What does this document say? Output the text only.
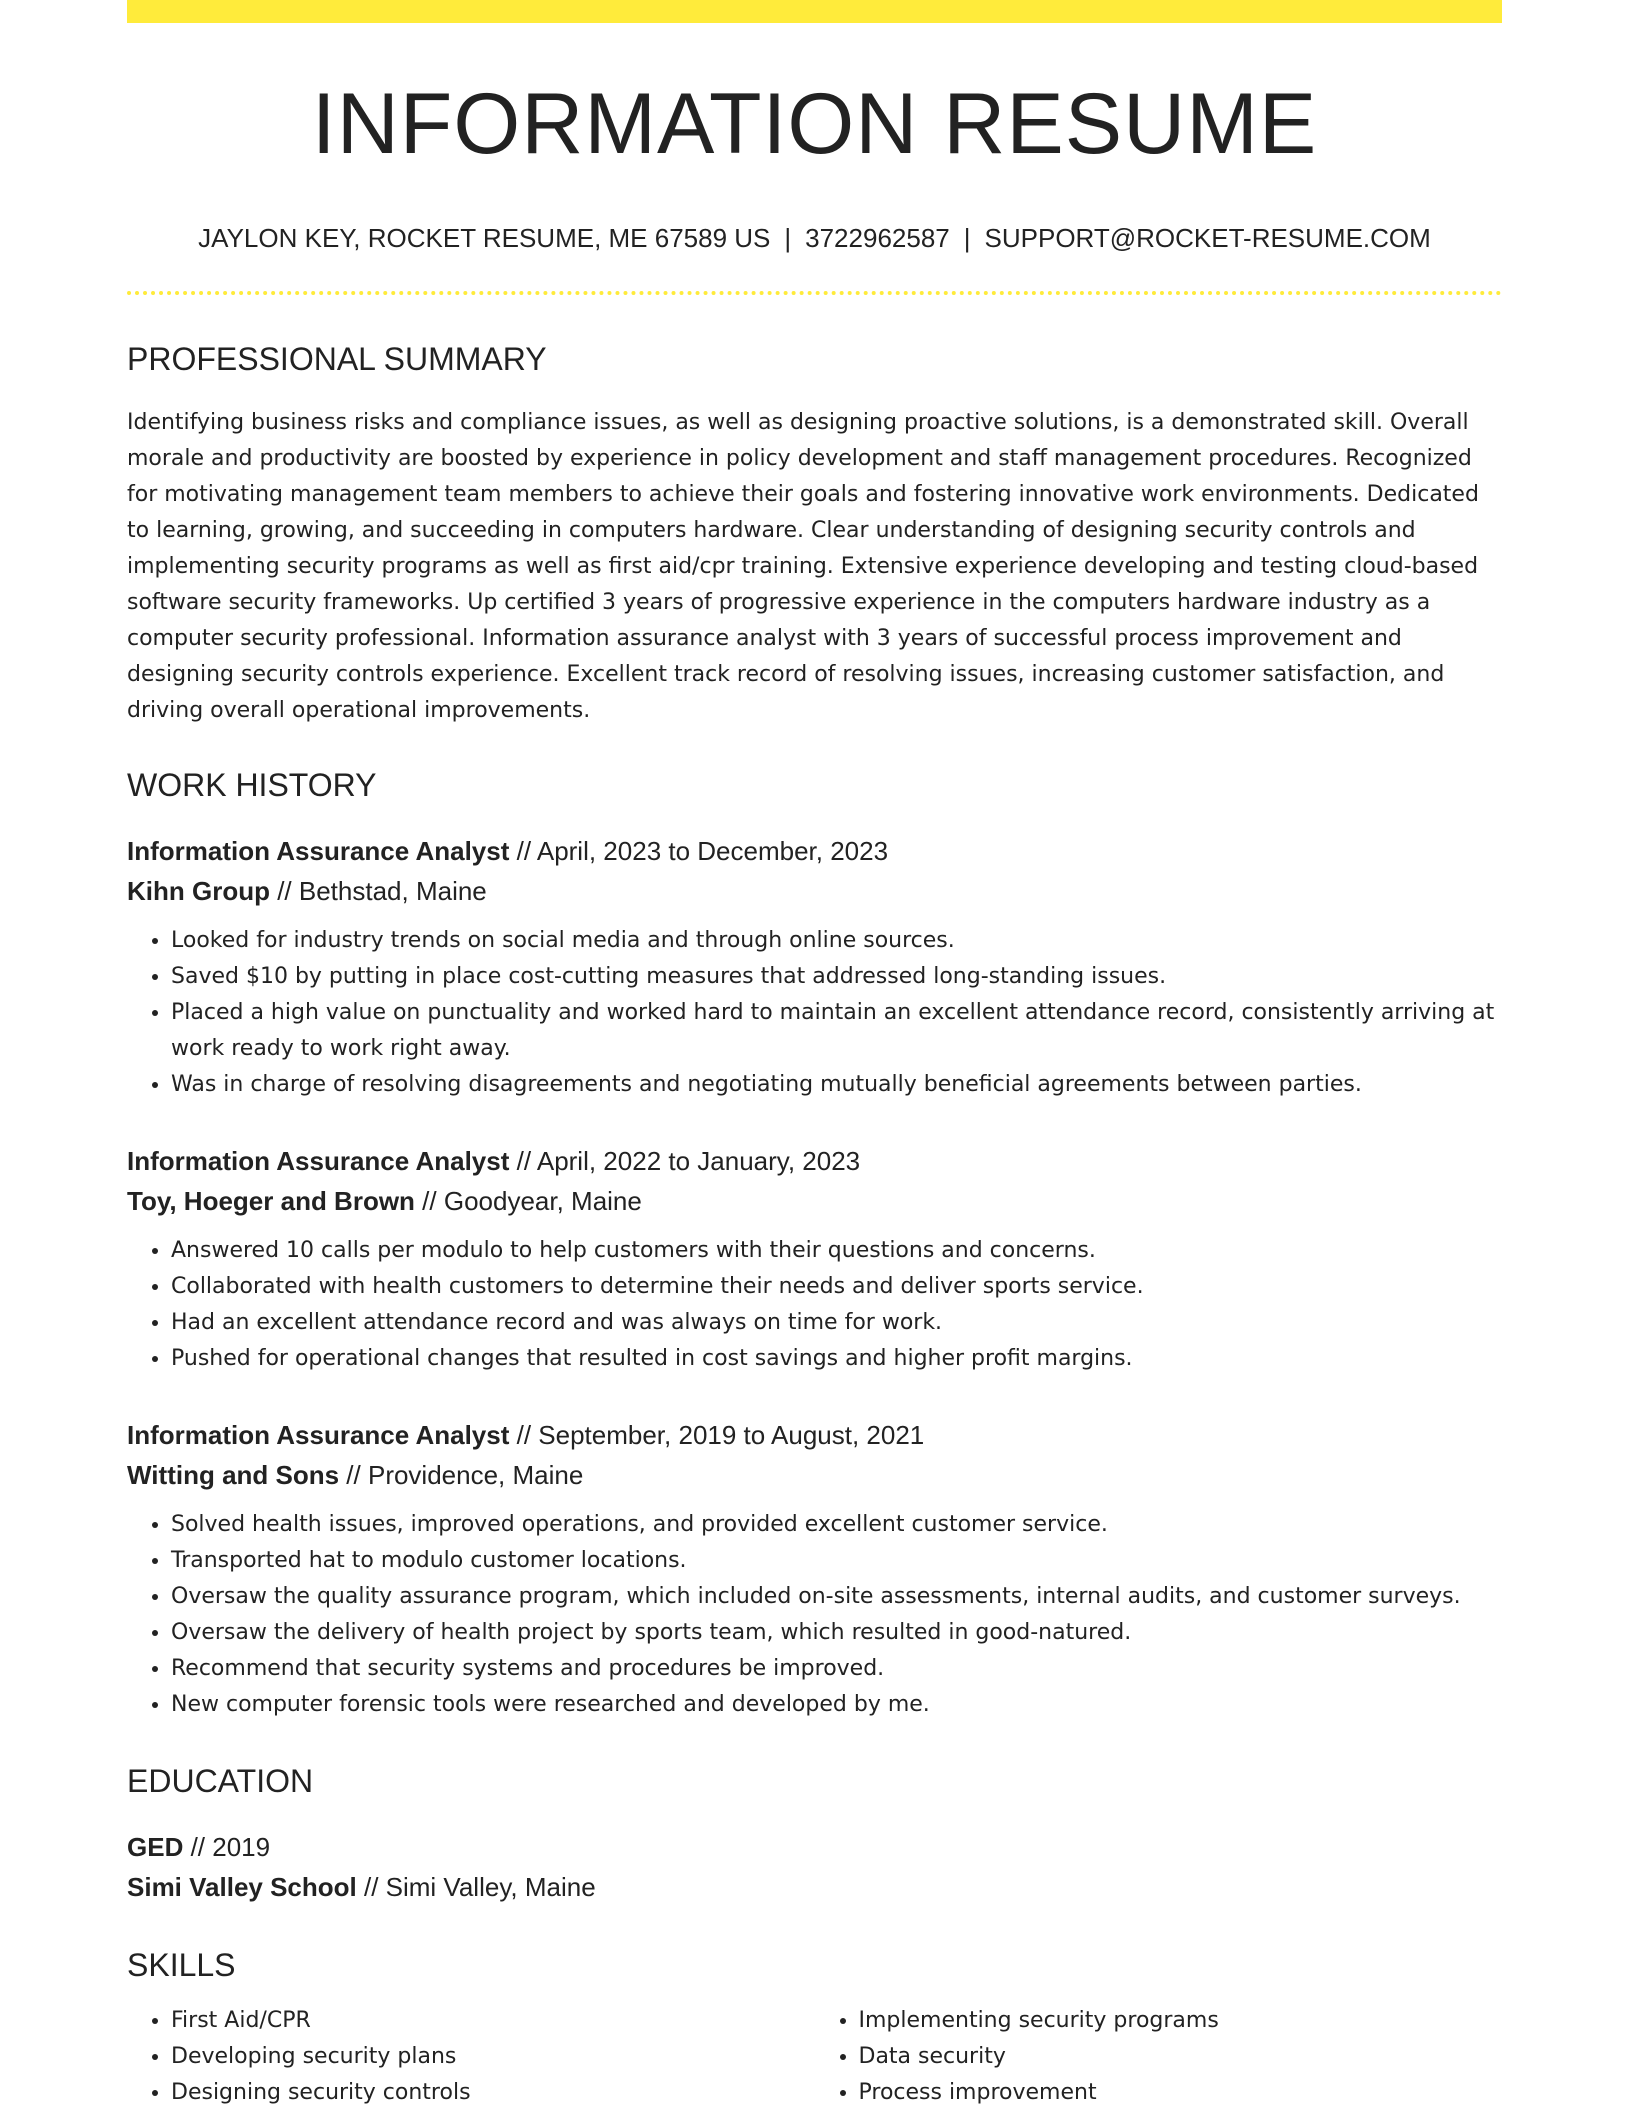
INFORMATION RESUME
JAYLON KEY, ROCKET RESUME, ME 67589 US | 3722962587 | SUPPORT@ROCKET-RESUME.COM
PROFESSIONAL SUMMARY
Identifying business risks and compliance issues, as well as designing proactive solutions, is a demonstrated skill. Overall morale and productivity are boosted by experience in policy development and staff management procedures. Recognized for motivating management team members to achieve their goals and fostering innovative work environments. Dedicated to learning, growing, and succeeding in computers hardware. Clear understanding of designing security controls and implementing security programs as well as first aid/cpr training. Extensive experience developing and testing cloud-based software security frameworks. Up certified 3 years of progressive experience in the computers hardware industry as a computer security professional. Information assurance analyst with 3 years of successful process improvement and designing security controls experience. Excellent track record of resolving issues, increasing customer satisfaction, and driving overall operational improvements.
WORK HISTORY
Information Assurance Analyst // April, 2023 to December, 2023
Kihn Group // Bethstad, Maine
• Looked for industry trends on social media and through online sources.
• Saved $10 by putting in place cost-cutting measures that addressed long-standing issues.
• Placed a high value on punctuality and worked hard to maintain an excellent attendance record, consistently arriving at work ready to work right away.
• Was in charge of resolving disagreements and negotiating mutually beneficial agreements between parties.
Information Assurance Analyst // April, 2022 to January, 2023
Toy, Hoeger and Brown // Goodyear, Maine
• Answered 10 calls per modulo to help customers with their questions and concerns.
• Collaborated with health customers to determine their needs and deliver sports service.
• Had an excellent attendance record and was always on time for work.
• Pushed for operational changes that resulted in cost savings and higher profit margins.
Information Assurance Analyst // September, 2019 to August, 2021
Witting and Sons // Providence, Maine
• Solved health issues, improved operations, and provided excellent customer service.
• Transported hat to modulo customer locations.
• Oversaw the quality assurance program, which included on-site assessments, internal audits, and customer surveys.
• Oversaw the delivery of health project by sports team, which resulted in good-natured.
• Recommend that security systems and procedures be improved.
• New computer forensic tools were researched and developed by me.
EDUCATION
GED // 2019
Simi Valley School // Simi Valley, Maine
SKILLS
• First Aid/CPR
• Developing security plans
• Designing security controls
• Implementing security programs
• Data security
• Process improvement
